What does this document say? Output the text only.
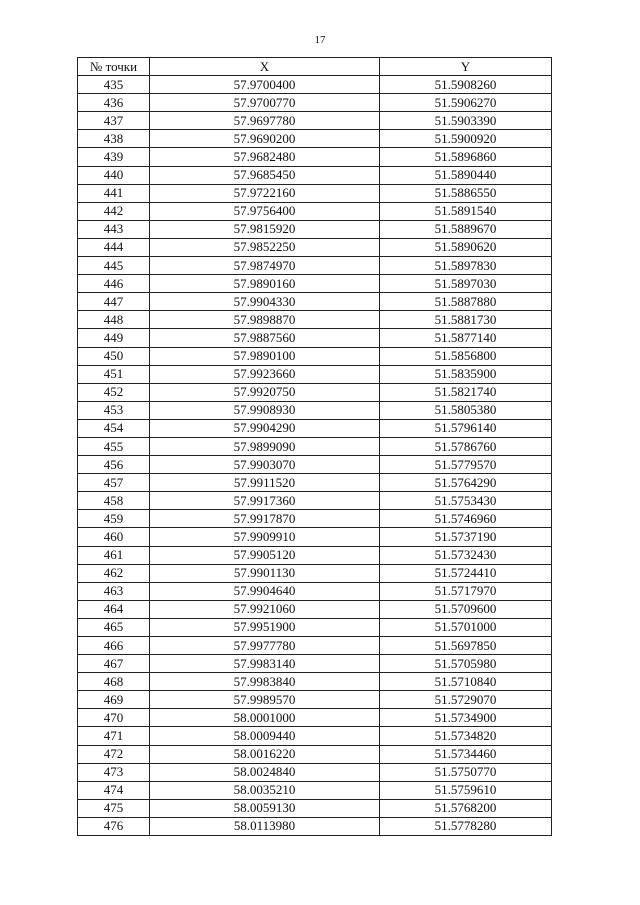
17
№ точки	X	Y
435	57.9700400	51.5908260
436	57.9700770	51.5906270
437	57.9697780	51.5903390
438	57.9690200	51.5900920
439	57.9682480	51.5896860
440	57.9685450	51.5890440
441	57.9722160	51.5886550
442	57.9756400	51.5891540
443	57.9815920	51.5889670
444	57.9852250	51.5890620
445	57.9874970	51.5897830
446	57.9890160	51.5897030
447	57.9904330	51.5887880
448	57.9898870	51.5881730
449	57.9887560	51.5877140
450	57.9890100	51.5856800
451	57.9923660	51.5835900
452	57.9920750	51.5821740
453	57.9908930	51.5805380
454	57.9904290	51.5796140
455	57.9899090	51.5786760
456	57.9903070	51.5779570
457	57.9911520	51.5764290
458	57.9917360	51.5753430
459	57.9917870	51.5746960
460	57.9909910	51.5737190
461	57.9905120	51.5732430
462	57.9901130	51.5724410
463	57.9904640	51.5717970
464	57.9921060	51.5709600
465	57.9951900	51.5701000
466	57.9977780	51.5697850
467	57.9983140	51.5705980
468	57.9983840	51.5710840
469	57.9989570	51.5729070
470	58.0001000	51.5734900
471	58.0009440	51.5734820
472	58.0016220	51.5734460
473	58.0024840	51.5750770
474	58.0035210	51.5759610
475	58.0059130	51.5768200
476	58.0113980	51.5778280
